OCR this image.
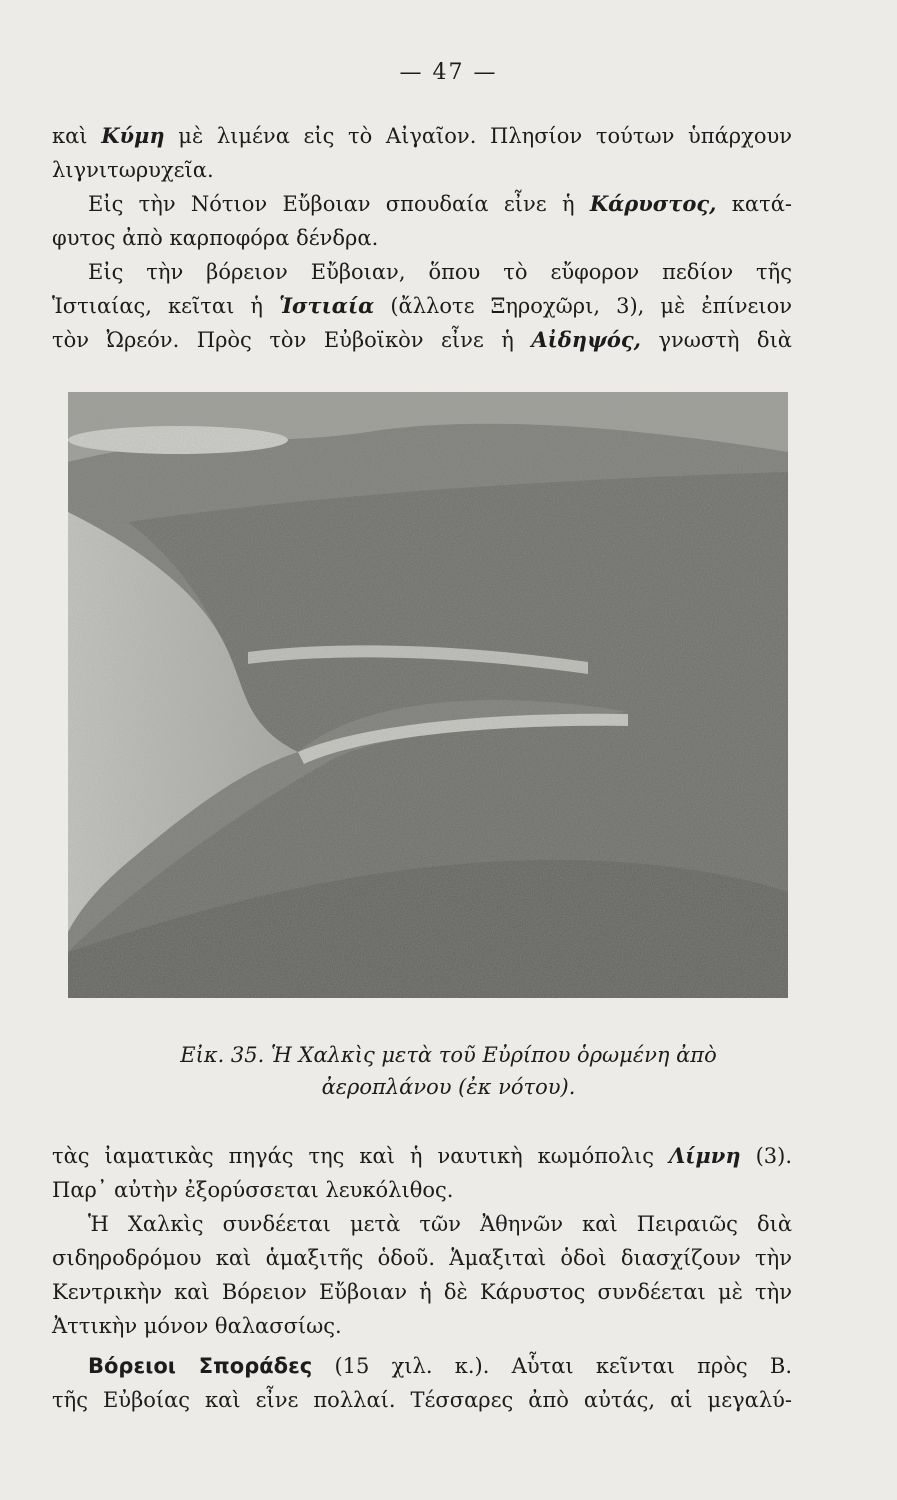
— 47 —
καὶ Κύμη μὲ λιμένα εἰς τὸ Αἰγαῖον. Πλησίον τούτων ὑπάρχουν
λιγνιτωρυχεῖα.
Εἰς τὴν Νότιον Εὔβοιαν σπουδαία εἶνε ἡ Κάρυστος, κατά-
φυτος ἀπὸ καρποφόρα δένδρα.
Εἰς τὴν βόρειον Εὔβοιαν, ὅπου τὸ εὔφορον πεδίον τῆς
Ἱστιαίας, κεῖται ἡ Ἱστιαία (ἄλλοτε Ξηροχῶρι, 3), μὲ ἐπίνειον
τὸν Ὠρεόν. Πρὸς τὸν Εὐβοϊκὸν εἶνε ἡ Αἰδηψός, γνωστὴ διὰ
Εἰκ. 35. Ἡ Χαλκὶς μετὰ τοῦ Εὐρίπου ὁρωμένη ἀπὸ
ἀεροπλάνου (ἐκ νότου).
τὰς ἰαματικὰς πηγάς της καὶ ἡ ναυτικὴ κωμόπολις Λίμνη (3).
Παρ᾽ αὐτὴν ἐξορύσσεται λευκόλιθος.
Ἡ Χαλκὶς συνδέεται μετὰ τῶν Ἀθηνῶν καὶ Πειραιῶς διὰ
σιδηροδρόμου καὶ ἁμαξιτῆς ὁδοῦ. Ἁμαξιταὶ ὁδοὶ διασχίζουν τὴν
Κεντρικὴν καὶ Βόρειον Εὔβοιαν ἡ δὲ Κάρυστος συνδέεται μὲ τὴν
Ἀττικὴν μόνον θαλασσίως.
Βόρειοι Σποράδες (15 χιλ. κ.). Αὗται κεῖνται πρὸς Β.
τῆς Εὐβοίας καὶ εἶνε πολλαί. Τέσσαρες ἀπὸ αὐτάς, αἱ μεγαλύ-
